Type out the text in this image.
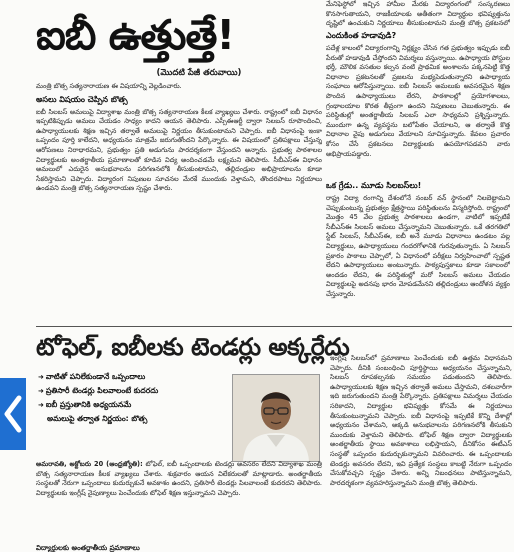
ఐబీ ఉత్తుత్తే!
(మొదటి పేజీ తరువాయి)

మంత్రి బొత్స సత్యనారాయణ ఈ విషయాన్ని వెల్లడించారు.

అసలు విషయం చెప్పిన బొత్స

ఐబీ సిలబస్ అమలుపై విద్యాశాఖ మంత్రి బొత్స సత్యనారాయణ కీలక వ్యాఖ్యలు చేశారు. రాష్ట్రంలో ఐబీ విధానం ఇప్పటికిప్పుడు అమలు చేయడం సాధ్యం కాదని ఆయన తెలిపారు. ఎస్సీఈఆర్టీ ద్వారా సిలబస్ రూపొందించి, ఉపాధ్యాయులకు శిక్షణ ఇచ్చిన తర్వాతే అమలుపై నిర్ణయం తీసుకుంటామని చెప్పారు. ఐబీ విధానంపై ఇంకా ఒప్పందం పూర్తి కాలేదని, అధ్యయనం మాత్రమే జరుగుతోందని పేర్కొన్నారు. ఈ విషయంలో ప్రతిపక్షాలు చేస్తున్న ఆరోపణలు నిరాధారమని, ప్రభుత్వం ప్రతి అడుగును పారదర్శకంగా వేస్తుందని అన్నారు. ప్రభుత్వ పాఠశాలల విద్యార్థులకు అంతర్జాతీయ ప్రమాణాలతో కూడిన విద్య అందించడమే లక్ష్యమని తెలిపారు. సీబీఎస్ఈ విధానం అమలులో ఎదురైన అనుభవాలను పరిగణనలోకి తీసుకుంటామని, తల్లిదండ్రుల అభిప్రాయాలను కూడా సేకరిస్తామని చెప్పారు. విద్యారంగ నిపుణుల సూచనల మేరకే ముందుకు వెళ్తామని, తొందరపాటు నిర్ణయాలు ఉండవని మంత్రి బొత్స సత్యనారాయణ స్పష్టం చేశారు.

మేనిఫెస్టోలో ఇచ్చిన హామీల మేరకు విద్యారంగంలో సంస్కరణలు కొనసాగుతాయని, రాజకీయాలకు అతీతంగా విద్యార్థుల భవిష్యత్తును దృష్టిలో ఉంచుకుని నిర్ణయాలు తీసుకుంటామని మంత్రి బొత్స ప్రకటనలో

ఎందుకింత హడావుడి?

పదేళ్ల కాలంలో విద్యారంగాన్ని నిర్లక్ష్యం చేసిన గత ప్రభుత్వం ఇప్పుడు ఐబీ పేరుతో హడావుడి చేస్తోందని విమర్శలు వస్తున్నాయి. ఉపాధ్యాయ పోస్టుల భర్తీ, మౌలిక వసతుల కల్పన వంటి ప్రాథమిక అంశాలను పక్కనపెట్టి కొత్త విధానాల ప్రకటనలతో ప్రజలను మభ్యపెడుతున్నారని ఉపాధ్యాయ సంఘాలు ఆరోపిస్తున్నాయి. ఐబీ సిలబస్ అమలుకు అవసరమైన శిక్షణ పొందిన ఉపాధ్యాయులు లేరని, పాఠశాలల్లో ప్రయోగశాలలు, గ్రంథాలయాల కొరత తీవ్రంగా ఉందని నిపుణులు చెబుతున్నారు. ఈ పరిస్థితుల్లో అంతర్జాతీయ సిలబస్ ఎలా సాధ్యమని ప్రశ్నిస్తున్నారు. ముందుగా ఉన్న వ్యవస్థను బలోపేతం చేయాలని, ఆ తర్వాతే కొత్త విధానాల వైపు అడుగులు వేయాలని సూచిస్తున్నారు. కేవలం ప్రచారం కోసం చేసే ప్రకటనలు విద్యార్థులకు ఉపయోగపడవని వారు అభిప్రాయపడ్డారు.

ఒక గ్రేడు.. మూడు సిలబస్‌లు!

రాష్ట్ర విద్యా రంగాన్ని దేశంలోనే నంబర్ వన్ స్థానంలో నిలబెట్టామని చెప్పుకుంటున్న ప్రభుత్వం క్షేత్రస్థాయి పరిస్థితులను విస్మరిస్తోంది. రాష్ట్రంలో మొత్తం 45 వేల ప్రభుత్వ పాఠశాలలు ఉండగా, వాటిలో ఇప్పటికే సీబీఎస్ఈ సిలబస్ అమలు చేస్తున్నామని చెబుతున్నారు. ఒకే తరగతిలో స్టేట్ సిలబస్, సీబీఎస్ఈ, ఐబీ అనే మూడు విధానాలు ఉండటం వల్ల విద్యార్థులు, ఉపాధ్యాయులు గందరగోళానికి గురవుతున్నారు. ఏ సిలబస్ ప్రకారం పాఠాలు చెప్పాలో, ఏ విధానంలో పరీక్షలు నిర్వహించాలో స్పష్టత లేదని ఉపాధ్యాయులు అంటున్నారు. పాఠ్యపుస్తకాలు కూడా సకాలంలో అందడం లేదని, ఈ పరిస్థితుల్లో మరో సిలబస్ అమలు చేయడం విద్యార్థులపై అదనపు భారం మోపడమేనని తల్లిదండ్రులు ఆందోళన వ్యక్తం చేస్తున్నారు.

టోఫెల్, ఐబీలకు టెండర్లు అక్కర్లేదు
➜ వాటితో పనిలేకుండానే ఒప్పందాలు
➜ ప్రతిసారీ టెండర్లు పిలవాలంటే కుదరదు
➜ ఐబీ ప్రస్తుతానికి అధ్యయనమే
అమలుపై తర్వాత నిర్ణయం: బొత్స

అమరావతి, అక్టోబరు 20 (ఆంధ్రజ్యోతి): టోఫెల్, ఐబీ ఒప్పందాలకు టెండర్లు అవసరం లేదని విద్యాశాఖ మంత్రి బొత్స సత్యనారాయణ కీలక వ్యాఖ్యలు చేశారు. శుక్రవారం ఆయన విలేకరులతో మాట్లాడారు. అంతర్జాతీయ సంస్థలతో నేరుగా ఒప్పందాలు కుదుర్చుకునే అవకాశం ఉందని, ప్రతిసారీ టెండర్లు పిలవాలంటే కుదరదని తెలిపారు. విద్యార్థులకు ఇంగ్లీష్ నైపుణ్యాలు పెంచేందుకు టోఫెల్ శిక్షణ ఇస్తున్నామని చెప్పారు.

ఇంగ్లిష్ సిలబస్‌లో ప్రమాణాలు పెంచేందుకు ఐబీ ఉత్తమ విధానమని చెప్పారు. దీనికి సంబంధించి పూర్తిస్థాయి అధ్యయనం చేస్తున్నామని, సిలబస్ రూపకల్పనకు సమయం పడుతుందని తెలిపారు. ఉపాధ్యాయులకు శిక్షణ ఇచ్చిన తర్వాతే అమలు చేస్తామని, దశలవారీగా ఇది జరుగుతుందని మంత్రి పేర్కొన్నారు. ప్రతిపక్షాలు విమర్శలు చేయడం సరికాదని, విద్యార్థుల భవిష్యత్తు కోసమే ఈ నిర్ణయాలు తీసుకుంటున్నామని చెప్పారు. ఐబీ విధానంపై ఇప్పటికే కొన్ని దేశాల్లో అధ్యయనం చేశామని, అక్కడి అనుభవాలను పరిగణనలోకి తీసుకుని ముందుకు వెళ్తామని తెలిపారు. టోఫెల్ శిక్షణ ద్వారా విద్యార్థులకు అంతర్జాతీయ స్థాయి అవకాశాలు లభిస్తాయని, దీనికోసం ఈటీఎస్ సంస్థతో ఒప్పందం కుదుర్చుకున్నామని వివరించారు. ఈ ఒప్పందాలకు టెండర్లు అవసరం లేదని, ఇవి ప్రత్యేక సంస్థలు కాబట్టి నేరుగా ఒప్పందం చేసుకోవచ్చని స్పష్టం చేశారు. అన్ని నిబంధనలు పాటిస్తున్నామని, పారదర్శకంగా వ్యవహరిస్తున్నామని మంత్రి బొత్స తెలిపారు.

విద్యార్థులకు అంతర్జాతీయ ప్రమాణాలు
